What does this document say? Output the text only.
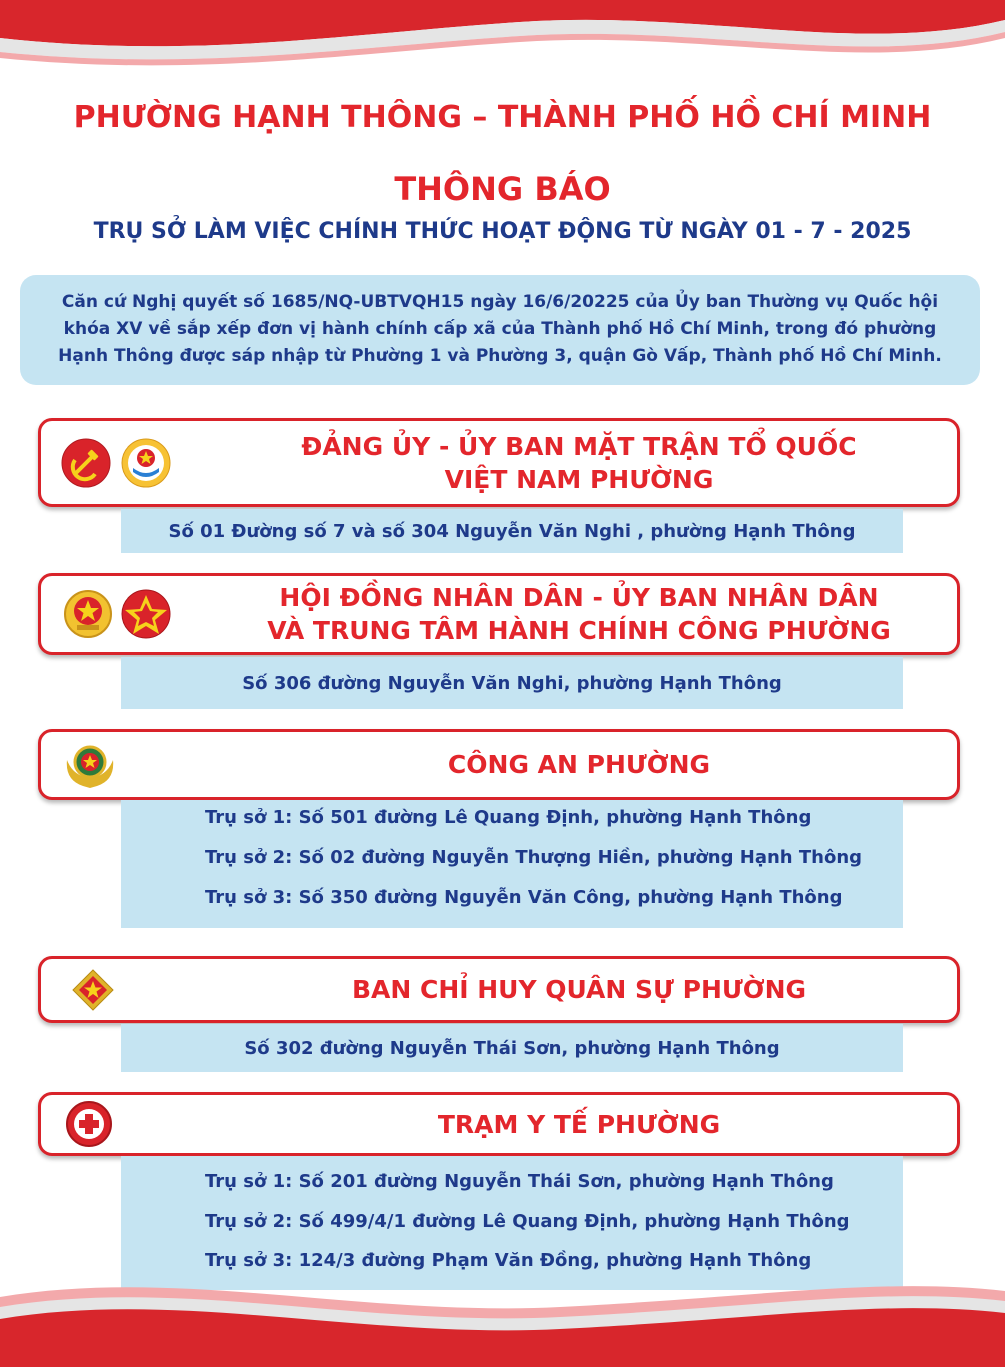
PHƯỜNG HẠNH THÔNG – THÀNH PHỐ HỒ CHÍ MINH
THÔNG BÁO
TRỤ SỞ LÀM VIỆC CHÍNH THỨC HOẠT ĐỘNG TỪ NGÀY 01 - 7 - 2025
Căn cứ Nghị quyết số 1685/NQ-UBTVQH15 ngày 16/6/20225 của Ủy ban Thường vụ Quốc hội
khóa XV về sắp xếp đơn vị hành chính cấp xã của Thành phố Hồ Chí Minh, trong đó phường
Hạnh Thông được sáp nhập từ Phường 1 và Phường 3, quận Gò Vấp, Thành phố Hồ Chí Minh.
ĐẢNG ỦY - ỦY BAN MẶT TRẬN TỔ QUỐC
VIỆT NAM PHƯỜNG
Số 01 Đường số 7 và số 304 Nguyễn Văn Nghi , phường Hạnh Thông
HỘI ĐỒNG NHÂN DÂN - ỦY BAN NHÂN DÂN
VÀ TRUNG TÂM HÀNH CHÍNH CÔNG PHƯỜNG
Số 306 đường Nguyễn Văn Nghi, phường Hạnh Thông
CÔNG AN PHƯỜNG
Trụ sở 1: Số 501 đường Lê Quang Định, phường Hạnh Thông
Trụ sở 2: Số 02 đường Nguyễn Thượng Hiền, phường Hạnh Thông
Trụ sở 3: Số 350 đường Nguyễn Văn Công, phường Hạnh Thông
BAN CHỈ HUY QUÂN SỰ PHƯỜNG
Số 302 đường Nguyễn Thái Sơn, phường Hạnh Thông
TRẠM Y TẾ PHƯỜNG
Trụ sở 1: Số 201 đường Nguyễn Thái Sơn, phường Hạnh Thông
Trụ sở 2: Số 499/4/1 đường Lê Quang Định, phường Hạnh Thông
Trụ sở 3: 124/3 đường Phạm Văn Đồng, phường Hạnh Thông
